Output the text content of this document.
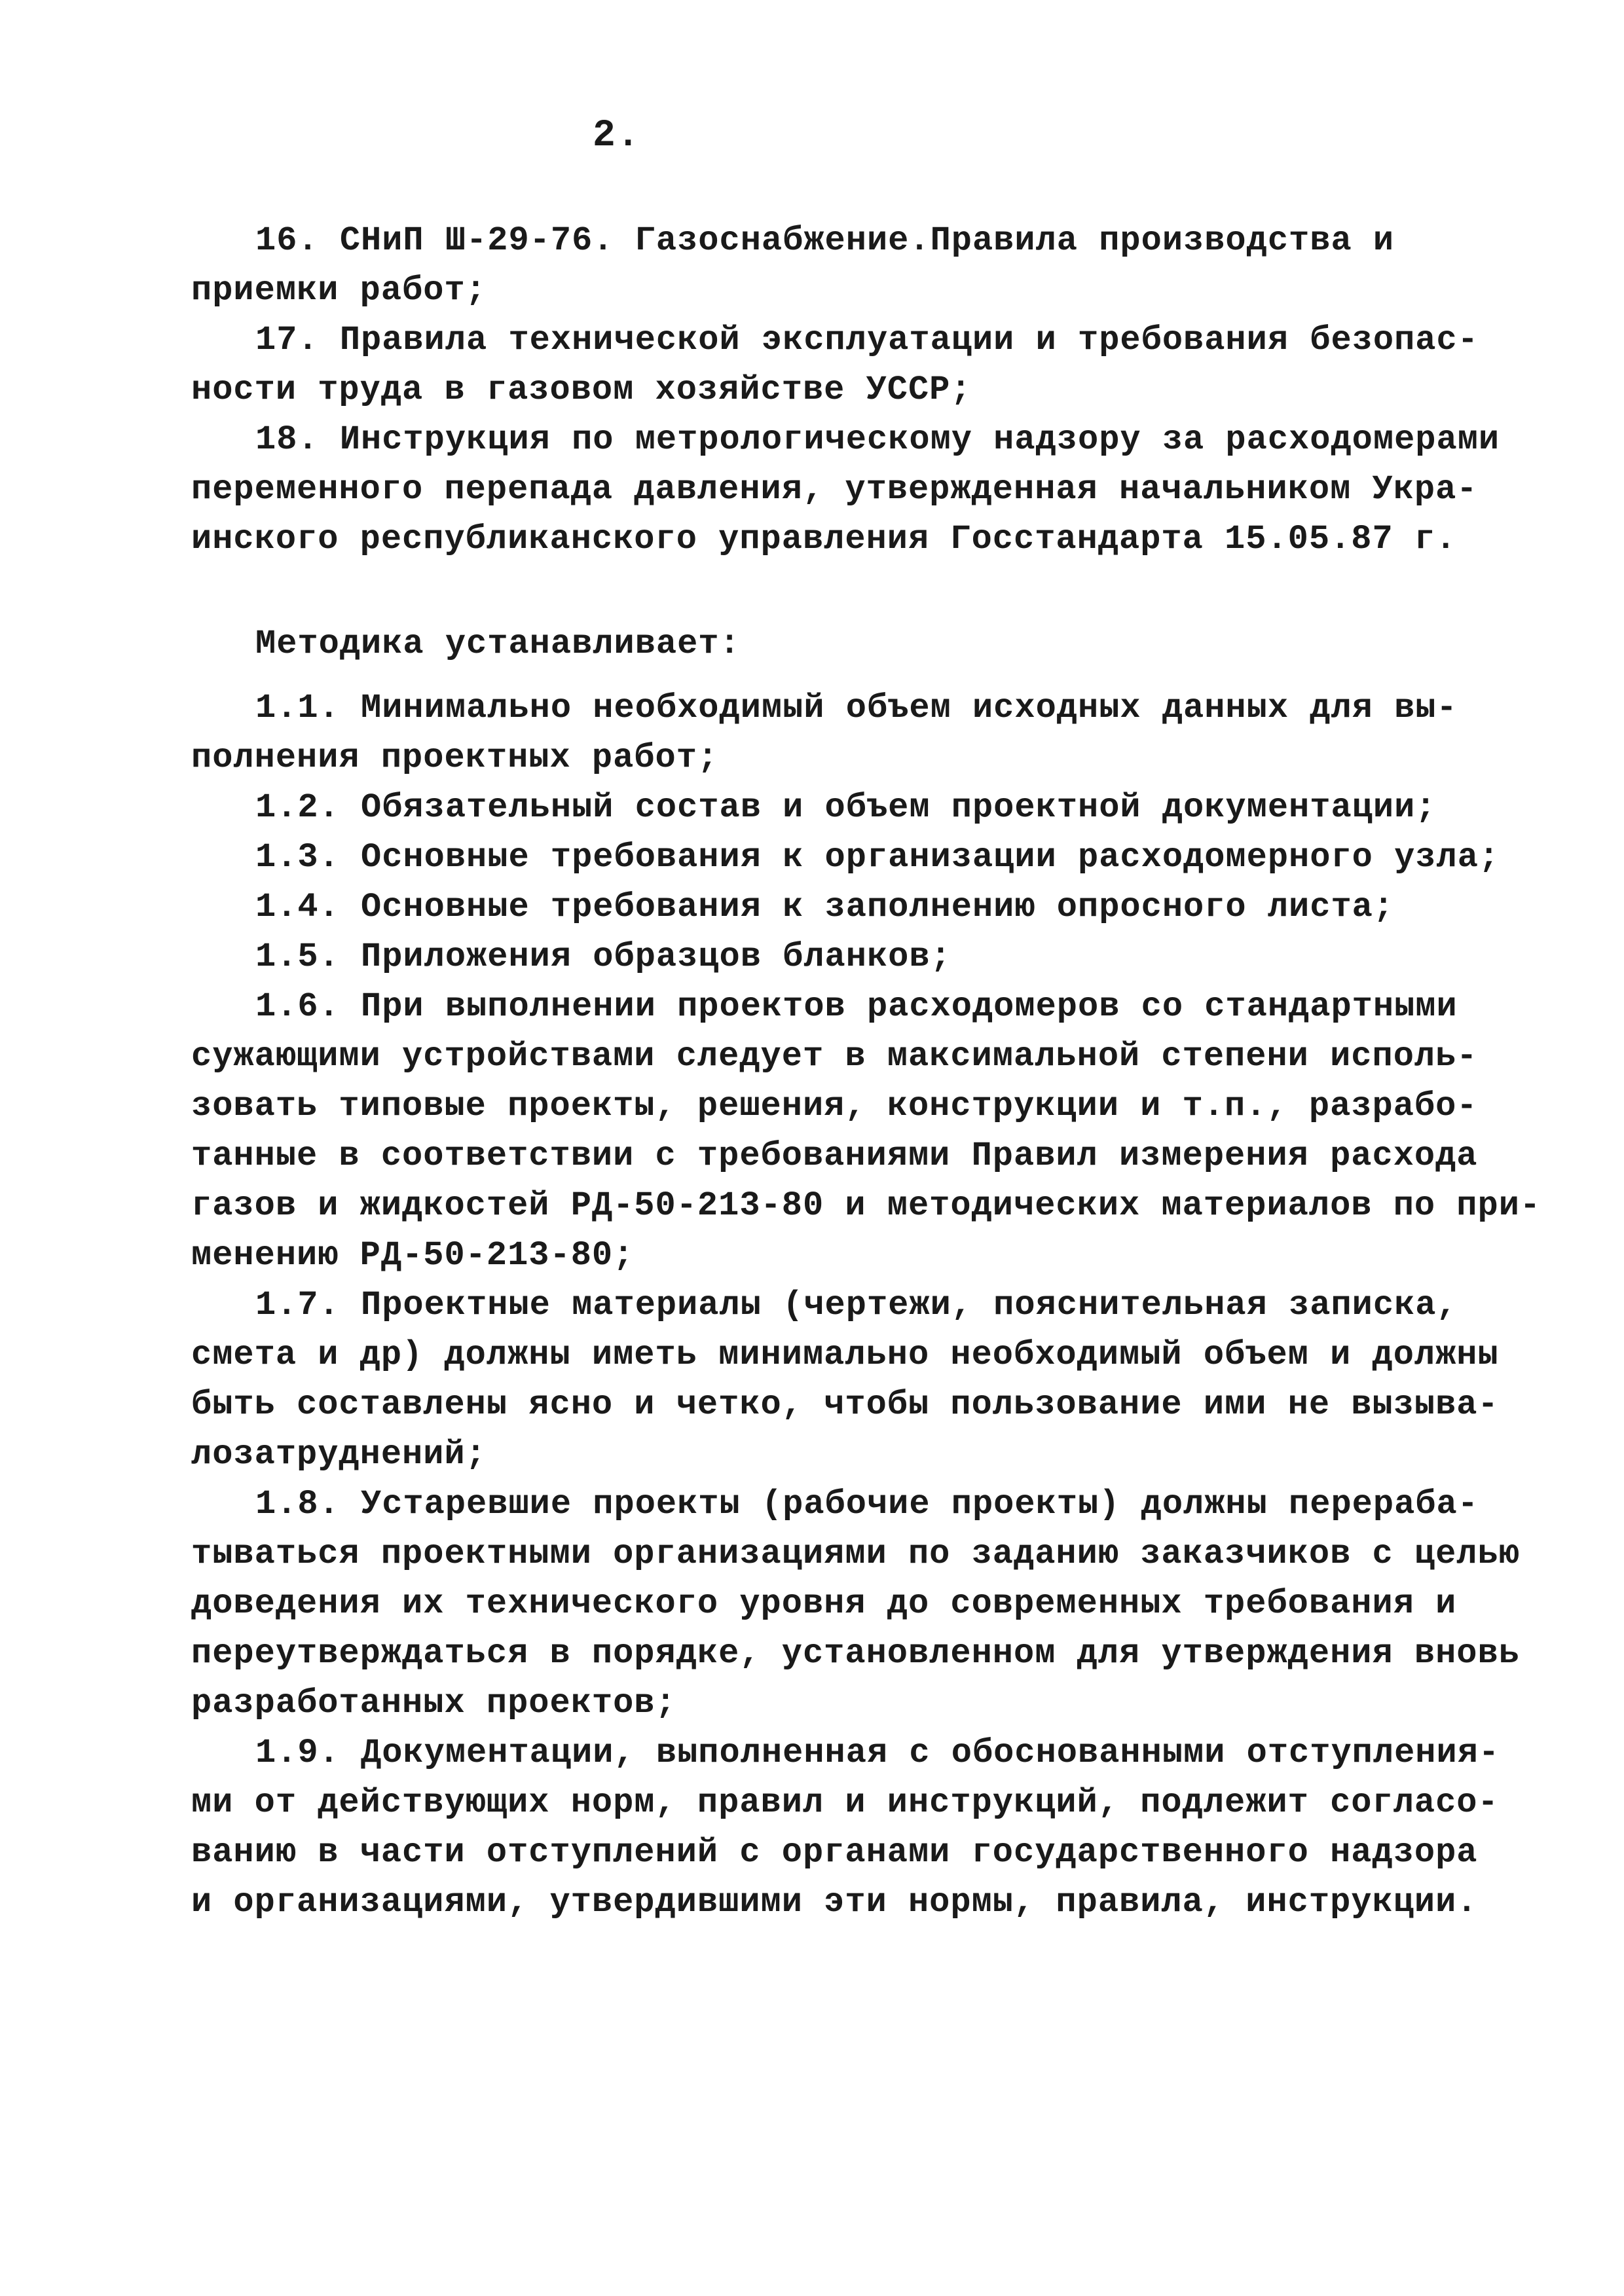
2.
16. СНиП Ш-29-76. Газоснабжение.Правила производства и
приемки работ;
17. Правила технической эксплуатации и требования безопас-
ности труда в газовом хозяйстве УССР;
18. Инструкция по метрологическому надзору за расходомерами
переменного перепада давления, утвержденная начальником Укра-
инского республиканского управления Госстандарта 15.05.87 г.
Методика устанавливает:
1.1. Минимально необходимый объем исходных данных для вы-
полнения проектных работ;
1.2. Обязательный состав и объем проектной документации;
1.3. Основные требования к организации расходомерного узла;
1.4. Основные требования к заполнению опросного листа;
1.5. Приложения образцов бланков;
1.6. При выполнении проектов расходомеров со стандартными
сужающими устройствами следует в максимальной степени исполь-
зовать типовые проекты, решения, конструкции и т.п., разрабо-
танные в соответствии с требованиями Правил измерения расхода
газов и жидкостей РД-50-213-80 и методических материалов по при-
менению РД-50-213-80;
1.7. Проектные материалы (чертежи, пояснительная записка,
смета и др) должны иметь минимально необходимый объем и должны
быть составлены ясно и четко, чтобы пользование ими не вызыва-
лозатруднений;
1.8. Устаревшие проекты (рабочие проекты) должны перераба-
тываться проектными организациями по заданию заказчиков с целью
доведения их технического уровня до современных требования и
переутверждаться в порядке, установленном для утверждения вновь
разработанных проектов;
1.9. Документации, выполненная с обоснованными отступления-
ми от действующих норм, правил и инструкций, подлежит согласо-
ванию в части отступлений с органами государственного надзора
и организациями, утвердившими эти нормы, правила, инструкции.
